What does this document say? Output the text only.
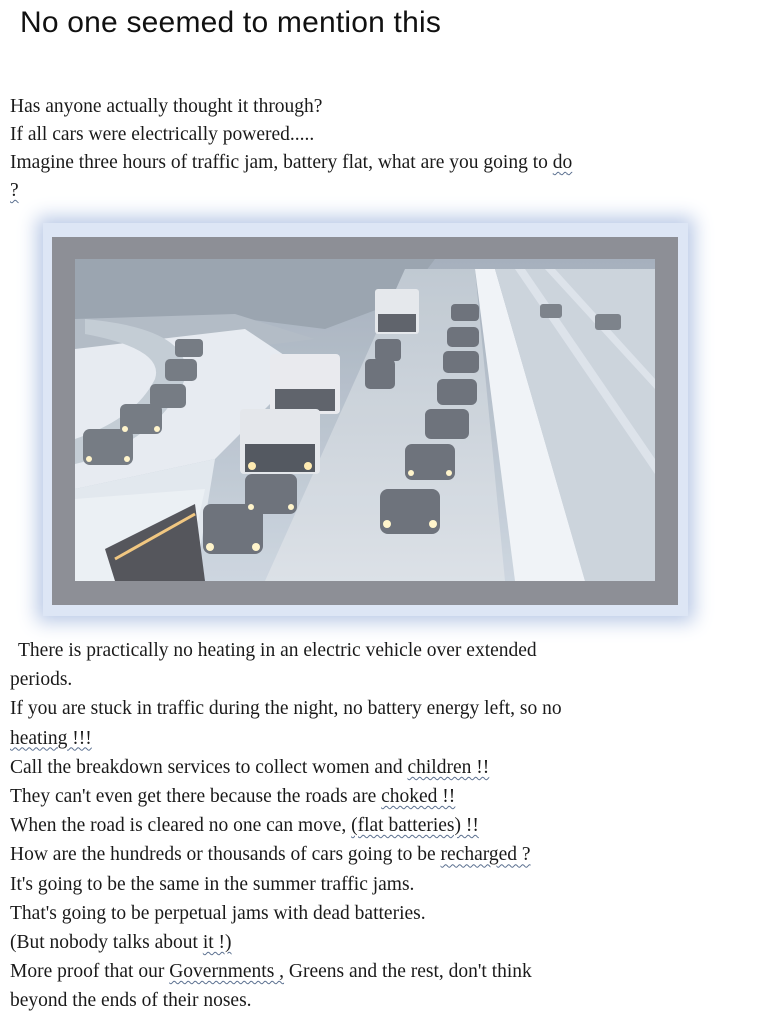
No one seemed to mention this
Has anyone actually thought it through?
If all cars were electrically powered.....
Imagine three hours of traffic jam, battery flat, what are you going to do
?
There is practically no heating in an electric vehicle over extended
periods.
If you are stuck in traffic during the night, no battery energy left, so no
heating !!!
Call the breakdown services to collect women and children !!
They can't even get there because the roads are choked !!
When the road is cleared no one can move, (flat batteries) !!
How are the hundreds or thousands of cars going to be recharged ?
It's going to be the same in the summer traffic jams.
That's going to be perpetual jams with dead batteries.
(But nobody talks about it !)
More proof that our Governments , Greens and the rest, don't think
beyond the ends of their noses.
